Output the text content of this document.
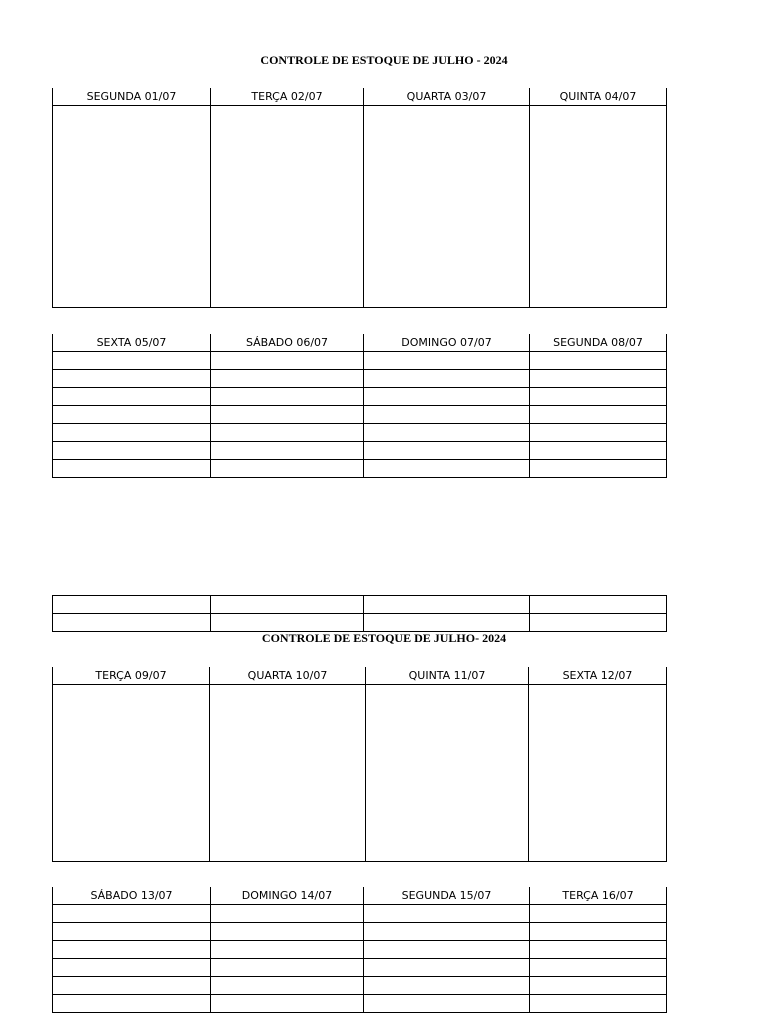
CONTROLE DE ESTOQUE DE JULHO - 2024
SEGUNDA 01/07	TERÇA 02/07	QUARTA 03/07	QUINTA 04/07

SEXTA 05/07	SÁBADO 06/07	DOMINGO 07/07	SEGUNDA 08/07

CONTROLE DE ESTOQUE DE JULHO- 2024
TERÇA 09/07	QUARTA 10/07	QUINTA 11/07	SEXTA 12/07

SÁBADO 13/07	DOMINGO 14/07	SEGUNDA 15/07	TERÇA 16/07
